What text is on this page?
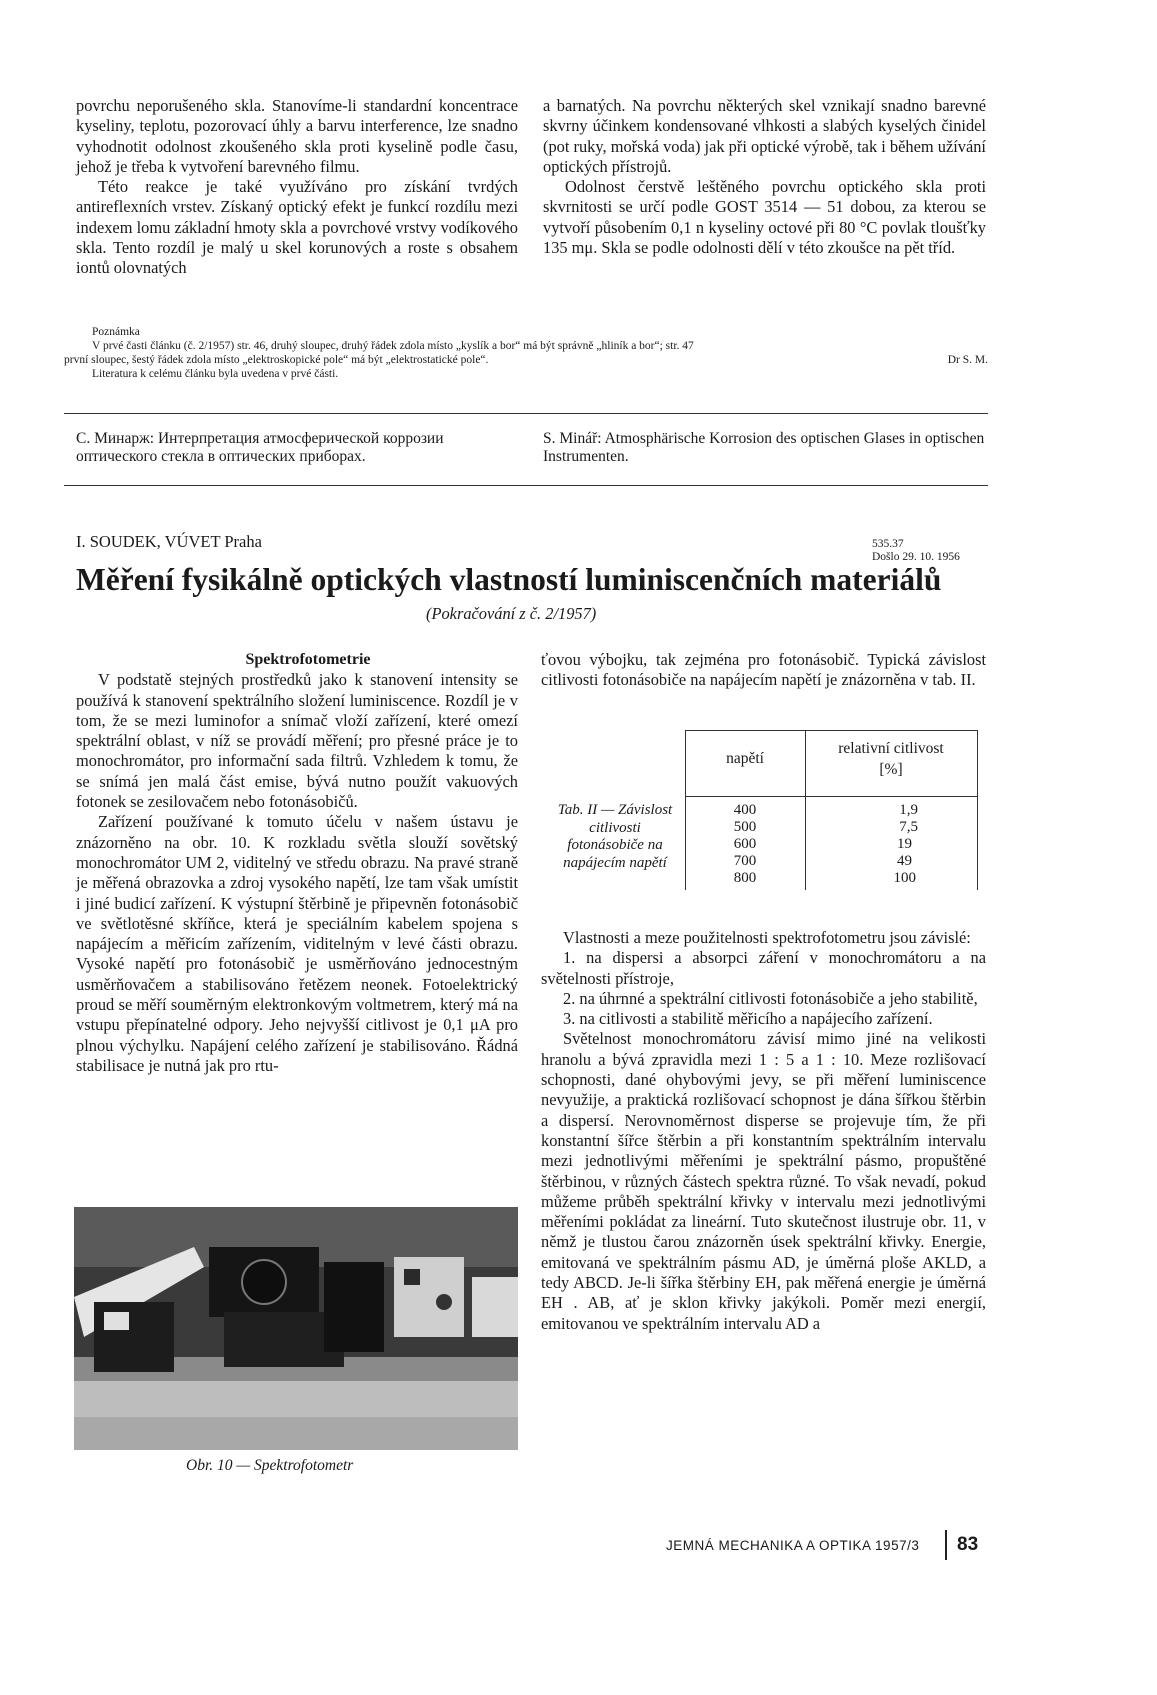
povrchu neporušeného skla. Stanovíme-li standardní koncentrace kyseliny, teplotu, pozorovací úhly a barvu interference, lze snadno vyhodnotit odolnost zkoušeného skla proti kyselině podle času, jehož je třeba k vytvoření barevného filmu.

Této reakce je také využíváno pro získání tvrdých antireflexních vrstev. Získaný optický efekt je funkcí rozdílu mezi indexem lomu základní hmoty skla a povrchové vrstvy vodíkového skla. Tento rozdíl je malý u skel korunových a roste s obsahem iontů olovnatých

a barnatých. Na povrchu některých skel vznikají snadno barevné skvrny účinkem kondensované vlhkosti a slabých kyselých činidel (pot ruky, mořská voda) jak při optické výrobě, tak i během užívání optických přístrojů.

Odolnost čerstvě leštěného povrchu optického skla proti skvrnitosti se určí podle GOST 3514 — 51 dobou, za kterou se vytvoří působením 0,1 n kyseliny octové při 80 °C povlak tloušťky 135 mμ. Skla se podle odolnosti dělí v této zkoušce na pět tříd.

Poznámka
V prvé časti článku (č. 2/1957) str. 46, druhý sloupec, druhý řádek zdola místo „kyslík a bor“ má být správně „hliník a bor“; str. 47
první sloupec, šestý řádek zdola místo „elektroskopické pole“ má být „elektrostatické pole“.	Dr S. M.
Literatura k celému článku byla uvedena v prvé části.
С. Минарж: Интерпретация атмосферической коррозии оптического стекла в оптических приборах.
S. Minář: Atmosphärische Korrosion des optischen Glases in optischen Instrumenten.
I. SOUDEK, VÚVET Praha	535.37
Došlo 29. 10. 1956
Měření fysikálně optických vlastností luminiscenčních materiálů
(Pokračování z č. 2/1957)

Spektrofotometrie

V podstatě stejných prostředků jako k stanovení intensity se používá k stanovení spektrálního složení luminiscence. Rozdíl je v tom, že se mezi luminofor a snímač vloží zařízení, které omezí spektrální oblast, v níž se provádí měření; pro přesné práce je to monochromátor, pro informační sada filtrů. Vzhledem k tomu, že se snímá jen malá část emise, bývá nutno použít vakuových fotonek se zesilovačem nebo fotonásobičů.

Zařízení používané k tomuto účelu v našem ústavu je znázorněno na obr. 10. K rozkladu světla slouží sovětský monochromátor UM 2, viditelný ve středu obrazu. Na pravé straně je měřená obrazovka a zdroj vysokého napětí, lze tam však umístit i jiné budicí zařízení. K výstupní štěrbině je připevněn fotonásobič ve světlotěsné skříňce, která je speciálním kabelem spojena s napájecím a měřicím zařízením, viditelným v levé části obrazu. Vysoké napětí pro fotonásobič je usměrňováno jednocestným usměrňovačem a stabilisováno řetězem neonek. Fotoelektrický proud se měří souměrným elektronkovým voltmetrem, který má na vstupu přepínatelné odpory. Jeho nejvyšší citlivost je 0,1 μA pro plnou výchylku. Napájení celého zařízení je stabilisováno. Řádná stabilisace je nutná jak pro rtu-

Obr. 10 — Spektrofotometr

ťovou výbojku, tak zejména pro fotonásobič. Typická závislost citlivosti fotonásobiče na napájecím napětí je znázorněna v tab. II.

Tab. II — Závislost citlivosti fotonásobiče na napájecím napětí
napětí
relativní citlivost [%]
400	1,9
500	7,5
600	19
700	49
800	100

Vlastnosti a meze použitelnosti spektrofotometru jsou závislé:

1. na dispersi a absorpci záření v monochromátoru a na světelnosti přístroje,

2. na úhrnné a spektrální citlivosti fotonásobiče a jeho stabilitě,

3. na citlivosti a stabilitě měřicího a napájecího zařízení.

Světelnost monochromátoru závisí mimo jiné na velikosti hranolu a bývá zpravidla mezi 1 : 5 a 1 : 10. Meze rozlišovací schopnosti, dané ohybovými jevy, se při měření luminiscence nevyužije, a praktická rozlišovací schopnost je dána šířkou štěrbin a dispersí. Nerovnoměrnost disperse se projevuje tím, že při konstantní šířce štěrbin a při konstantním spektrálním intervalu mezi jednotlivými měřeními je spektrální pásmo, propuštěné štěrbinou, v různých částech spektra různé. To však nevadí, pokud můžeme průběh spektrální křivky v intervalu mezi jednotlivými měřeními pokládat za lineární. Tuto skutečnost ilustruje obr. 11, v němž je tlustou čarou znázorněn úsek spektrální křivky. Energie, emitovaná ve spektrálním pásmu AD, je úměrná ploše AKLD, a tedy ABCD. Je-li šířka štěrbiny EH, pak měřená energie je úměrná EH . AB, ať je sklon křivky jakýkoli. Poměr mezi energií, emitovanou ve spektrálním intervalu AD a

JEMNÁ MECHANIKA A OPTIKA 1957/3 83
